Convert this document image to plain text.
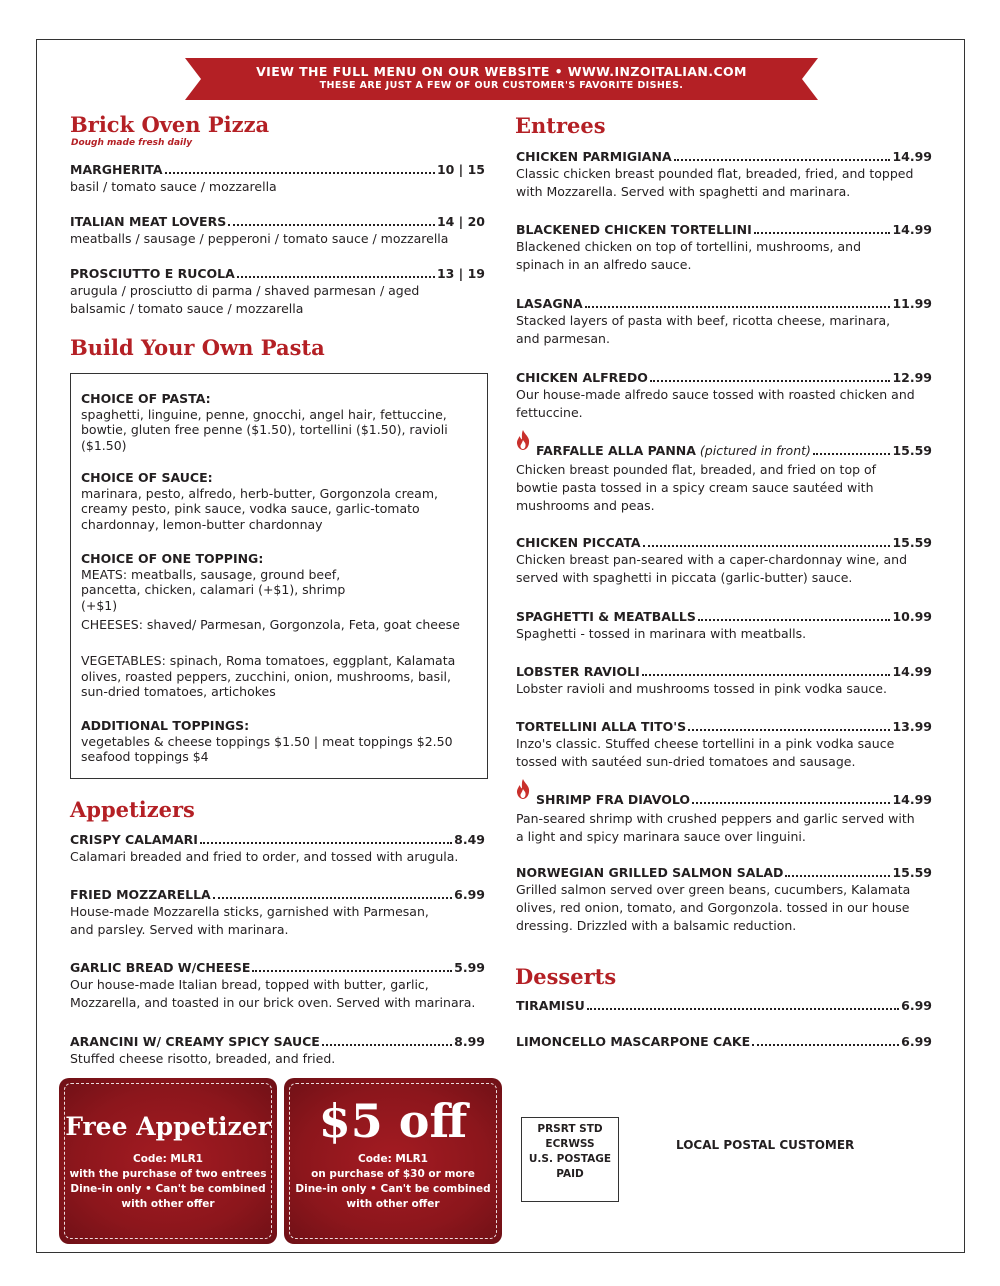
VIEW THE FULL MENU ON OUR WEBSITE • WWW.INZOITALIAN.COM
THESE ARE JUST A FEW OF OUR CUSTOMER'S FAVORITE DISHES.
Brick Oven Pizza
Dough made fresh daily
MARGHERITA	10 | 15
basil / tomato sauce / mozzarella
ITALIAN MEAT LOVERS	14 | 20
meatballs / sausage / pepperoni / tomato sauce / mozzarella
PROSCIUTTO E RUCOLA	13 | 19
arugula / prosciutto di parma / shaved parmesan / aged balsamic / tomato sauce / mozzarella
Build Your Own Pasta
CHOICE OF PASTA:
spaghetti, linguine, penne, gnocchi, angel hair, fettuccine, bowtie, gluten free penne ($1.50), tortellini ($1.50), ravioli ($1.50)
CHOICE OF SAUCE:
marinara, pesto, alfredo, herb-butter, Gorgonzola cream, creamy pesto, pink sauce, vodka sauce, garlic-tomato chardonnay, lemon-butter chardonnay
CHOICE OF ONE TOPPING:
MEATS: meatballs, sausage, ground beef, pancetta, chicken, calamari (+$1), shrimp (+$1)
CHEESES: shaved/ Parmesan, Gorgonzola, Feta, goat cheese
VEGETABLES: spinach, Roma tomatoes, eggplant, Kalamata olives, roasted peppers, zucchini, onion, mushrooms, basil, sun-dried tomatoes, artichokes
ADDITIONAL TOPPINGS:
vegetables & cheese toppings $1.50 | meat toppings $2.50
seafood toppings $4
Appetizers
CRISPY CALAMARI	8.49
Calamari breaded and fried to order, and tossed with arugula.
FRIED MOZZARELLA	6.99
House-made Mozzarella sticks, garnished with Parmesan, and parsley. Served with marinara.
GARLIC BREAD W/CHEESE	5.99
Our house-made Italian bread, topped with butter, garlic, Mozzarella, and toasted in our brick oven. Served with marinara.
ARANCINI W/ CREAMY SPICY SAUCE	8.99
Stuffed cheese risotto, breaded, and fried.
Free Appetizer
Code: MLR1
with the purchase of two entrees
Dine-in only • Can't be combined
with other offer
$5 off
Code: MLR1
on purchase of $30 or more
Dine-in only • Can't be combined
with other offer
Entrees
CHICKEN PARMIGIANA	14.99
Classic chicken breast pounded flat, breaded, fried, and topped with Mozzarella. Served with spaghetti and marinara.
BLACKENED CHICKEN TORTELLINI	14.99
Blackened chicken on top of tortellini, mushrooms, and spinach in an alfredo sauce.
LASAGNA	11.99
Stacked layers of pasta with beef, ricotta cheese, marinara, and parmesan.
CHICKEN ALFREDO	12.99
Our house-made alfredo sauce tossed with roasted chicken and fettuccine.
FARFALLE ALLA PANNA (pictured in front)	15.59
Chicken breast pounded flat, breaded, and fried on top of bowtie pasta tossed in a spicy cream sauce sautéed with mushrooms and peas.
CHICKEN PICCATA	15.59
Chicken breast pan-seared with a caper-chardonnay wine, and served with spaghetti in piccata (garlic-butter) sauce.
SPAGHETTI & MEATBALLS	10.99
Spaghetti - tossed in marinara with meatballs.
LOBSTER RAVIOLI	14.99
Lobster ravioli and mushrooms tossed in pink vodka sauce.
TORTELLINI ALLA TITO'S	13.99
Inzo's classic. Stuffed cheese tortellini in a pink vodka sauce tossed with sautéed sun-dried tomatoes and sausage.
SHRIMP FRA DIAVOLO	14.99
Pan-seared shrimp with crushed peppers and garlic served with a light and spicy marinara sauce over linguini.
NORWEGIAN GRILLED SALMON SALAD	15.59
Grilled salmon served over green beans, cucumbers, Kalamata olives, red onion, tomato, and Gorgonzola. tossed in our house dressing. Drizzled with a balsamic reduction.
Desserts
TIRAMISU	6.99
LIMONCELLO MASCARPONE CAKE	6.99
PRSRT STD
ECRWSS
U.S. POSTAGE
PAID
LOCAL POSTAL CUSTOMER
